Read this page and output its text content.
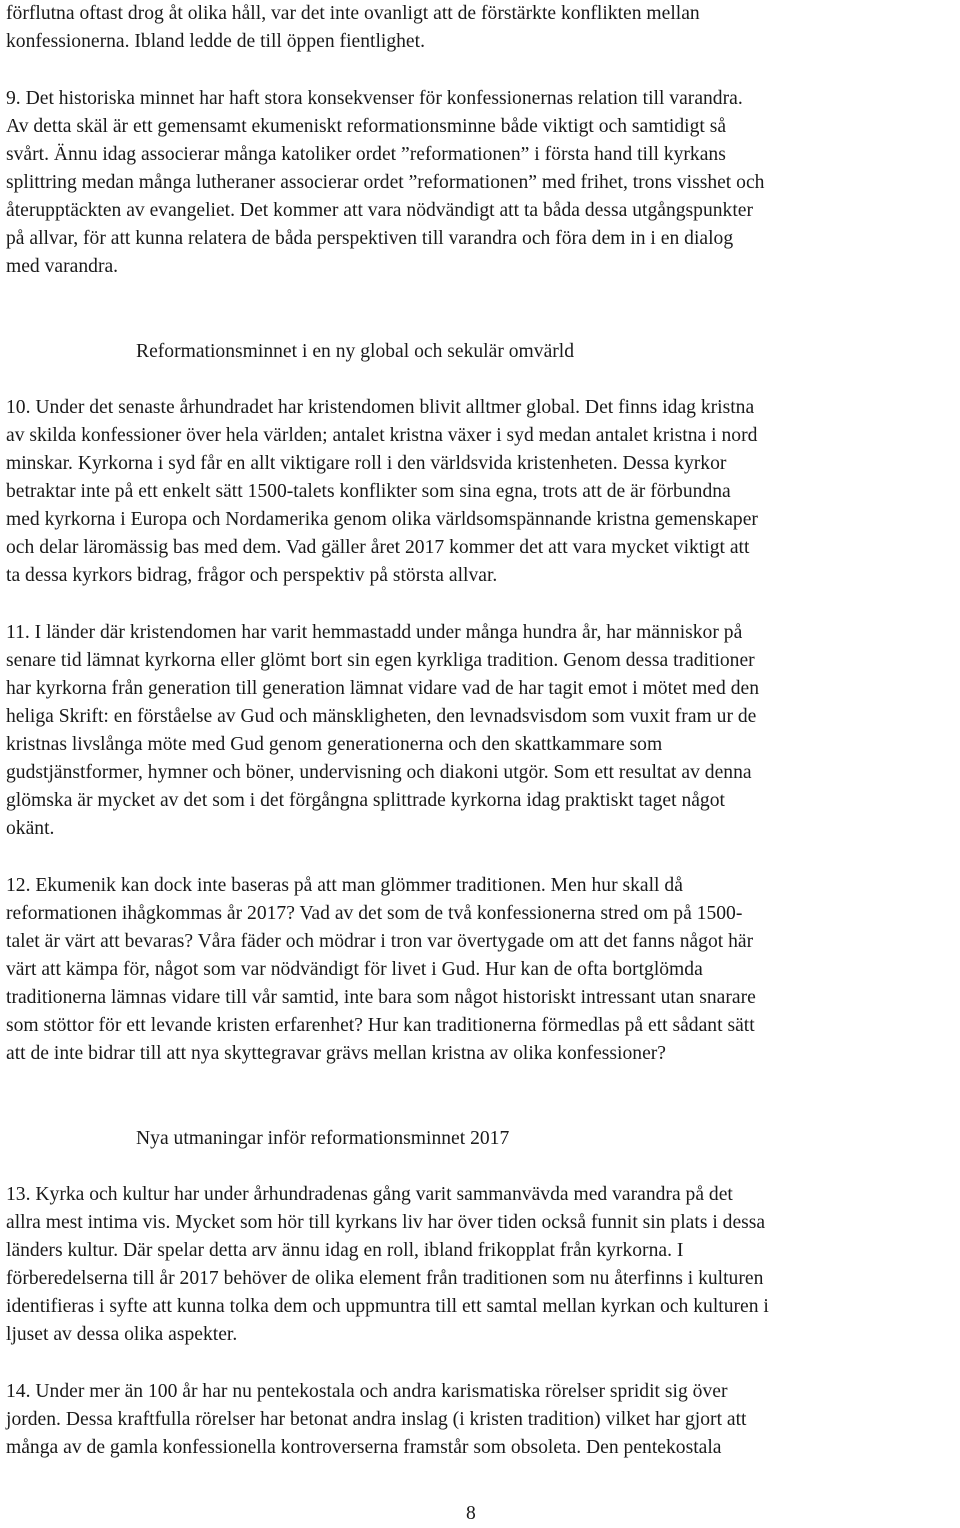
förflutna oftast drog åt olika håll, var det inte ovanligt att de förstärkte konflikten mellan
konfessionerna. Ibland ledde de till öppen fientlighet.
9. Det historiska minnet har haft stora konsekvenser för konfessionernas relation till varandra.
Av detta skäl är ett gemensamt ekumeniskt reformationsminne både viktigt och samtidigt så
svårt. Ännu idag associerar många katoliker ordet ”reformationen” i första hand till kyrkans
splittring medan många lutheraner associerar ordet ”reformationen” med frihet, trons visshet och
återupptäckten av evangeliet. Det kommer att vara nödvändigt att ta båda dessa utgångspunkter
på allvar, för att kunna relatera de båda perspektiven till varandra och föra dem in i en dialog
med varandra.
Reformationsminnet i en ny global och sekulär omvärld
10. Under det senaste århundradet har kristendomen blivit alltmer global. Det finns idag kristna
av skilda konfessioner över hela världen; antalet kristna växer i syd medan antalet kristna i nord
minskar. Kyrkorna i syd får en allt viktigare roll i den världsvida kristenheten. Dessa kyrkor
betraktar inte på ett enkelt sätt 1500-talets konflikter som sina egna, trots att de är förbundna
med kyrkorna i Europa och Nordamerika genom olika världsomspännande kristna gemenskaper
och delar läromässig bas med dem. Vad gäller året 2017 kommer det att vara mycket viktigt att
ta dessa kyrkors bidrag, frågor och perspektiv på största allvar.
11. I länder där kristendomen har varit hemmastadd under många hundra år, har människor på
senare tid lämnat kyrkorna eller glömt bort sin egen kyrkliga tradition. Genom dessa traditioner
har kyrkorna från generation till generation lämnat vidare vad de har tagit emot i mötet med den
heliga Skrift: en förståelse av Gud och mänskligheten, den levnadsvisdom som vuxit fram ur de
kristnas livslånga möte med Gud genom generationerna och den skattkammare som
gudstjänstformer, hymner och böner, undervisning och diakoni utgör. Som ett resultat av denna
glömska är mycket av det som i det förgångna splittrade kyrkorna idag praktiskt taget något
okänt.
12. Ekumenik kan dock inte baseras på att man glömmer traditionen. Men hur skall då
reformationen ihågkommas år 2017? Vad av det som de två konfessionerna stred om på 1500-
talet är värt att bevaras? Våra fäder och mödrar i tron var övertygade om att det fanns något här
värt att kämpa för, något som var nödvändigt för livet i Gud. Hur kan de ofta bortglömda
traditionerna lämnas vidare till vår samtid, inte bara som något historiskt intressant utan snarare
som stöttor för ett levande kristen erfarenhet? Hur kan traditionerna förmedlas på ett sådant sätt
att de inte bidrar till att nya skyttegravar grävs mellan kristna av olika konfessioner?
Nya utmaningar inför reformationsminnet 2017
13. Kyrka och kultur har under århundradenas gång varit sammanvävda med varandra på det
allra mest intima vis. Mycket som hör till kyrkans liv har över tiden också funnit sin plats i dessa
länders kultur. Där spelar detta arv ännu idag en roll, ibland frikopplat från kyrkorna. I
förberedelserna till år 2017 behöver de olika element från traditionen som nu återfinns i kulturen
identifieras i syfte att kunna tolka dem och uppmuntra till ett samtal mellan kyrkan och kulturen i
ljuset av dessa olika aspekter.
14. Under mer än 100 år har nu pentekostala och andra karismatiska rörelser spridit sig över
jorden. Dessa kraftfulla rörelser har betonat andra inslag (i kristen tradition) vilket har gjort att
många av de gamla konfessionella kontroverserna framstår som obsoleta. Den pentekostala
8
